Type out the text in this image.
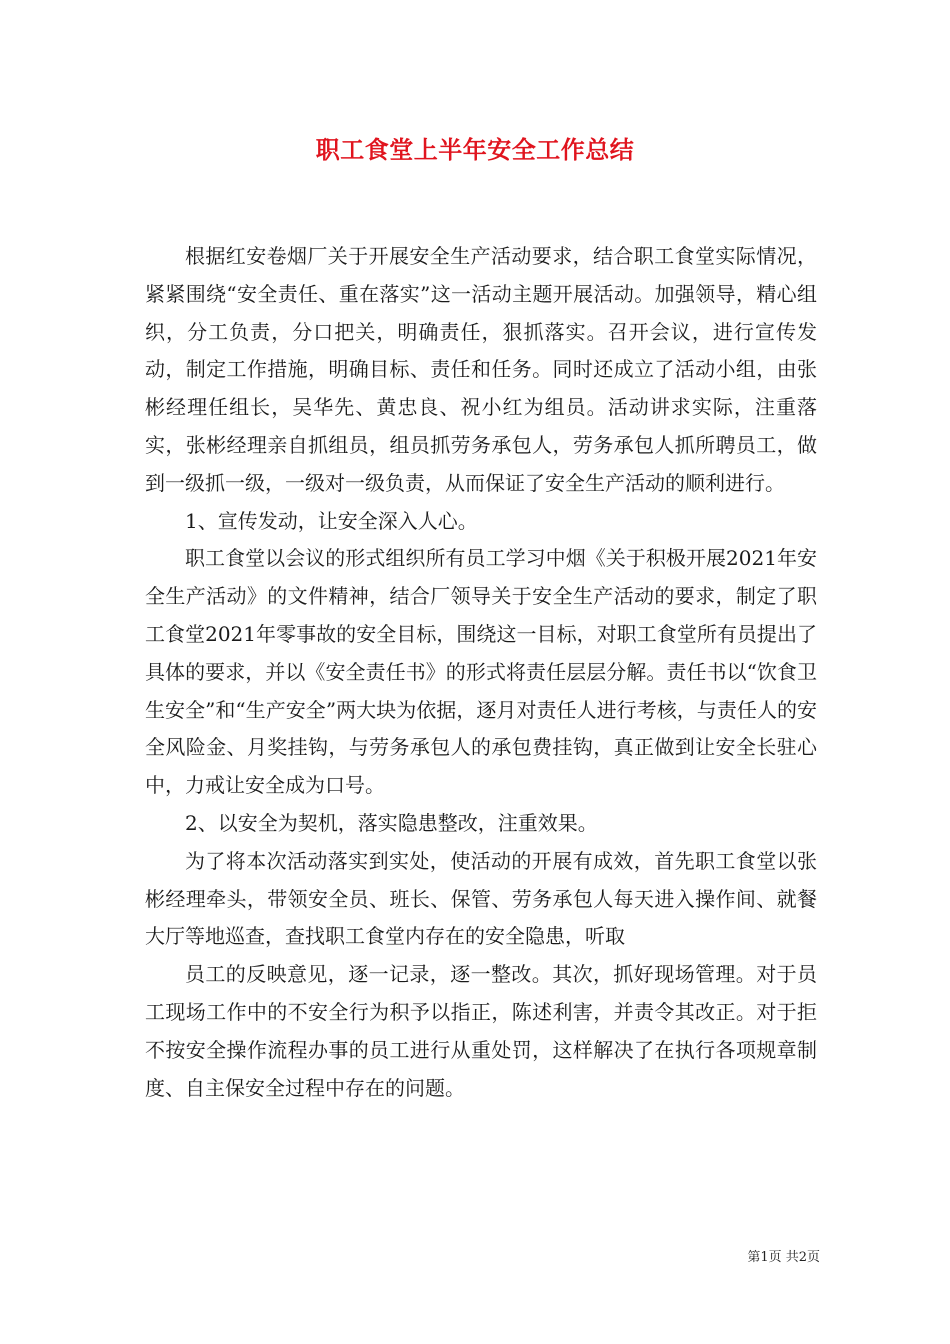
职工食堂上半年安全工作总结

根据红安卷烟厂关于开展安全生产活动要求，结合职工食堂实际情况，紧紧围绕“安全责任、重在落实”这一活动主题开展活动。加强领导，精心组织，分工负责，分口把关，明确责任，狠抓落实。召开会议，进行宣传发动，制定工作措施，明确目标、责任和任务。同时还成立了活动小组，由张彬经理任组长，吴华先、黄忠良、祝小红为组员。活动讲求实际，注重落实，张彬经理亲自抓组员，组员抓劳务承包人，劳务承包人抓所聘员工，做到一级抓一级，一级对一级负责，从而保证了安全生产活动的顺利进行。

1、宣传发动，让安全深入人心。

职工食堂以会议的形式组织所有员工学习中烟《关于积极开展2021年安全生产活动》的文件精神，结合厂领导关于安全生产活动的要求，制定了职工食堂2021年零事故的安全目标，围绕这一目标，对职工食堂所有员提出了具体的要求，并以《安全责任书》的形式将责任层层分解。责任书以“饮食卫生安全”和“生产安全”两大块为依据，逐月对责任人进行考核，与责任人的安全风险金、月奖挂钩，与劳务承包人的承包费挂钩，真正做到让安全长驻心中，力戒让安全成为口号。

2、以安全为契机，落实隐患整改，注重效果。

为了将本次活动落实到实处，使活动的开展有成效，首先职工食堂以张彬经理牵头，带领安全员、班长、保管、劳务承包人每天进入操作间、就餐大厅等地巡查，查找职工食堂内存在的安全隐患，听取

员工的反映意见，逐一记录，逐一整改。其次，抓好现场管理。对于员工现场工作中的不安全行为积予以指正，陈述利害，并责令其改正。对于拒不按安全操作流程办事的员工进行从重处罚，这样解决了在执行各项规章制度、自主保安全过程中存在的问题。

第1页 共2页
